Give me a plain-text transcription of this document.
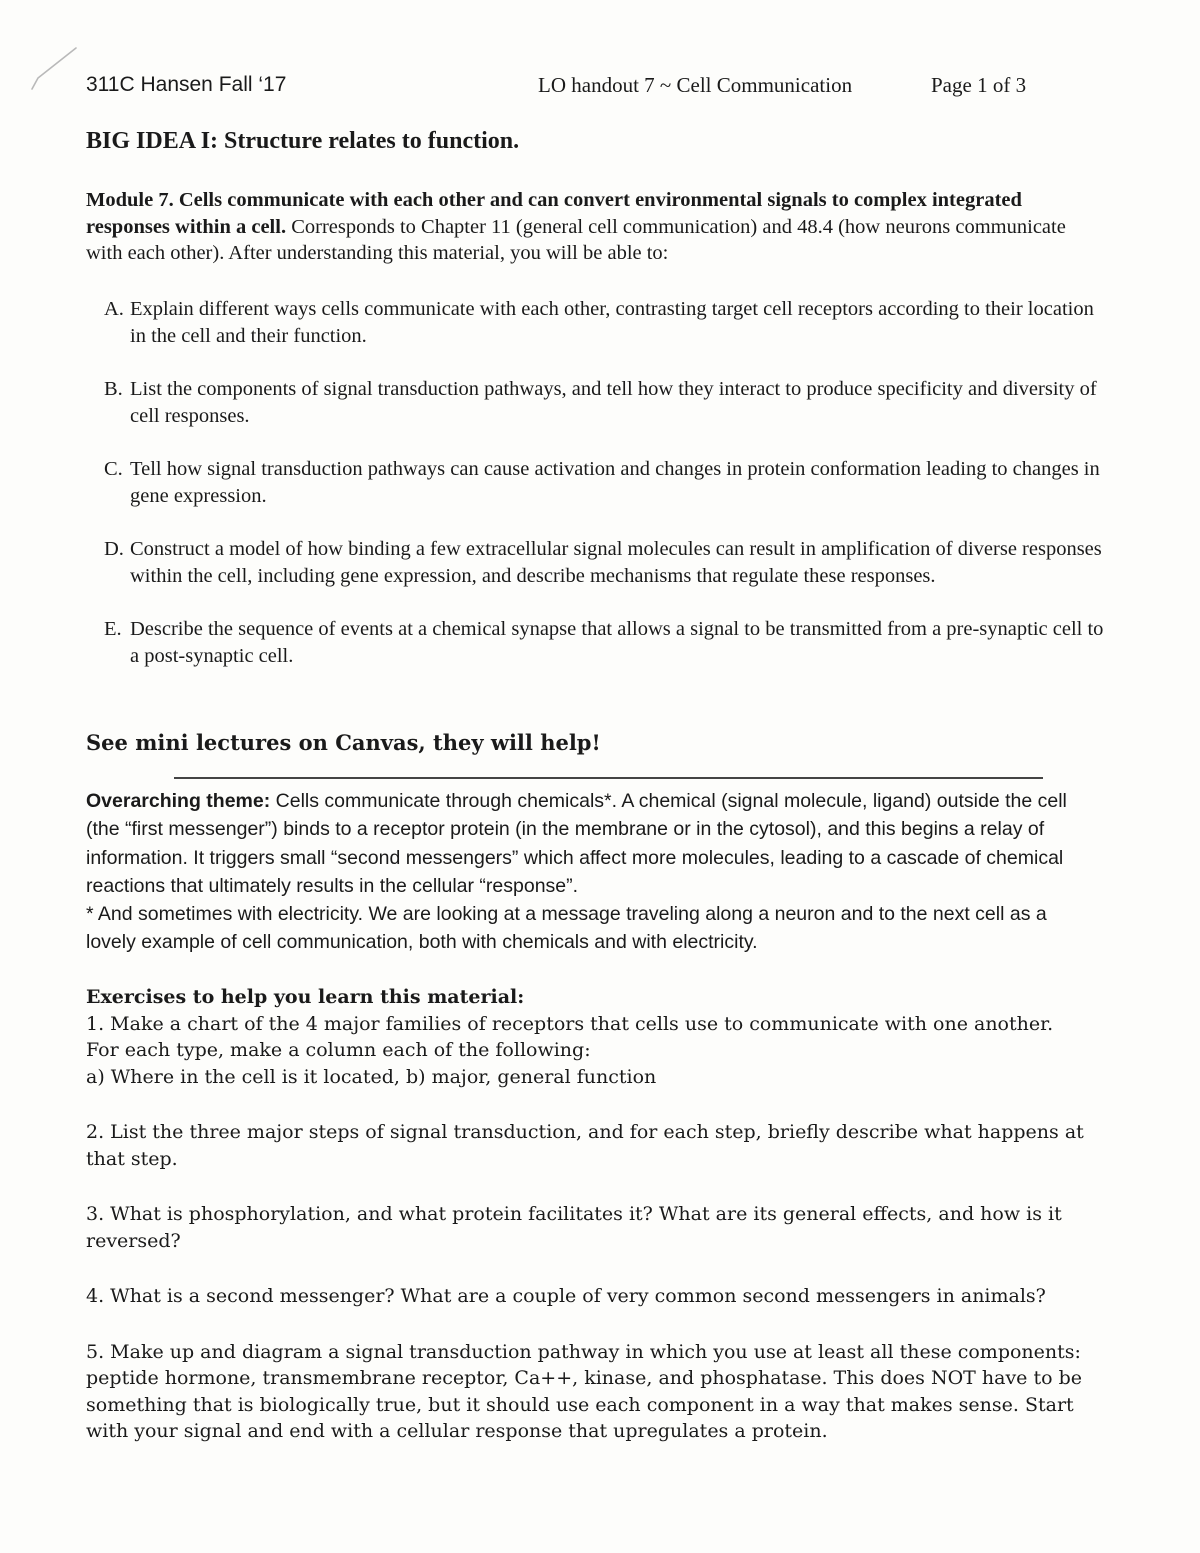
311C Hansen Fall ‘17	LO handout 7 ~ Cell Communication	Page 1 of 3
BIG IDEA I: Structure relates to function.

Module 7. Cells communicate with each other and can convert environmental signals to complex integrated responses within a cell. Corresponds to Chapter 11 (general cell communication) and 48.4 (how neurons communicate with each other). After understanding this material, you will be able to:

A. Explain different ways cells communicate with each other, contrasting target cell receptors according to their location in the cell and their function.
B. List the components of signal transduction pathways, and tell how they interact to produce specificity and diversity of cell responses.
C. Tell how signal transduction pathways can cause activation and changes in protein conformation leading to changes in gene expression.
D. Construct a model of how binding a few extracellular signal molecules can result in amplification of diverse responses within the cell, including gene expression, and describe mechanisms that regulate these responses.
E. Describe the sequence of events at a chemical synapse that allows a signal to be transmitted from a pre-synaptic cell to a post-synaptic cell.

See mini lectures on Canvas, they will help!

Overarching theme: Cells communicate through chemicals*. A chemical (signal molecule, ligand) outside the cell (the “first messenger”) binds to a receptor protein (in the membrane or in the cytosol), and this begins a relay of information. It triggers small “second messengers” which affect more molecules, leading to a cascade of chemical reactions that ultimately results in the cellular “response”.

* And sometimes with electricity. We are looking at a message traveling along a neuron and to the next cell as a lovely example of cell communication, both with chemicals and with electricity.

Exercises to help you learn this material:

1. Make a chart of the 4 major families of receptors that cells use to communicate with one another.

For each type, make a column each of the following:

a) Where in the cell is it located, b) major, general function

2. List the three major steps of signal transduction, and for each step, briefly describe what happens at that step.

3. What is phosphorylation, and what protein facilitates it? What are its general effects, and how is it reversed?

4. What is a second messenger? What are a couple of very common second messengers in animals?

5. Make up and diagram a signal transduction pathway in which you use at least all these components: peptide hormone, transmembrane receptor, Ca++, kinase, and phosphatase. This does NOT have to be something that is biologically true, but it should use each component in a way that makes sense. Start with your signal and end with a cellular response that upregulates a protein.
